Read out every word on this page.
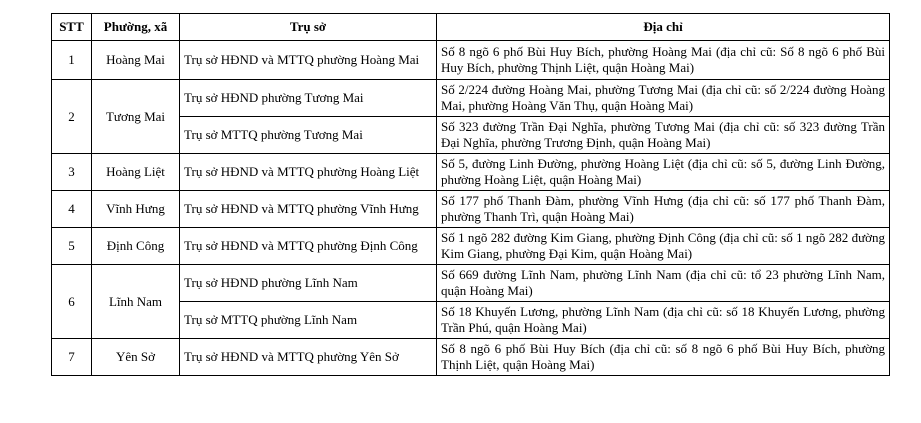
STT	Phường, xã	Trụ sở	Địa chỉ
1	Hoàng Mai	Trụ sở HĐND và MTTQ phường Hoàng Mai	Số 8 ngõ 6 phố Bùi Huy Bích, phường Hoàng Mai (địa chỉ cũ: Số 8 ngõ 6 phố Bùi Huy Bích, phường Thịnh Liệt, quận Hoàng Mai)
2	Tương Mai	Trụ sở HĐND phường Tương Mai	Số 2/224 đường Hoàng Mai, phường Tương Mai (địa chỉ cũ: số 2/224 đường Hoàng Mai, phường Hoàng Văn Thụ, quận Hoàng Mai)
		Trụ sở MTTQ phường Tương Mai	Số 323 đường Trần Đại Nghĩa, phường Tương Mai (địa chỉ cũ: số 323 đường Trần Đại Nghĩa, phường Trương Định, quận Hoàng Mai)
3	Hoàng Liệt	Trụ sở HĐND và MTTQ phường Hoàng Liệt	Số 5, đường Linh Đường, phường Hoàng Liệt (địa chỉ cũ: số 5, đường Linh Đường, phường Hoàng Liệt, quận Hoàng Mai)
4	Vĩnh Hưng	Trụ sở HĐND và MTTQ phường Vĩnh Hưng	Số 177 phố Thanh Đàm, phường Vĩnh Hưng (địa chỉ cũ: số 177 phố Thanh Đàm, phường Thanh Trì, quận Hoàng Mai)
5	Định Công	Trụ sở HĐND và MTTQ phường Định Công	Số 1 ngõ 282 đường Kim Giang, phường Định Công (địa chỉ cũ: số 1 ngõ 282 đường Kim Giang, phường Đại Kim, quận Hoàng Mai)
6	Lĩnh Nam	Trụ sở HĐND phường Lĩnh Nam	Số 669 đường Lĩnh Nam, phường Lĩnh Nam (địa chỉ cũ: tổ 23 phường Lĩnh Nam, quận Hoàng Mai)
		Trụ sở MTTQ phường Lĩnh Nam	Số 18 Khuyến Lương, phường Lĩnh Nam (địa chỉ cũ: số 18 Khuyến Lương, phường Trần Phú, quận Hoàng Mai)
7	Yên Sở	Trụ sở HĐND và MTTQ phường Yên Sở	Số 8 ngõ 6 phố Bùi Huy Bích (địa chỉ cũ: số 8 ngõ 6 phố Bùi Huy Bích, phường Thịnh Liệt, quận Hoàng Mai)
